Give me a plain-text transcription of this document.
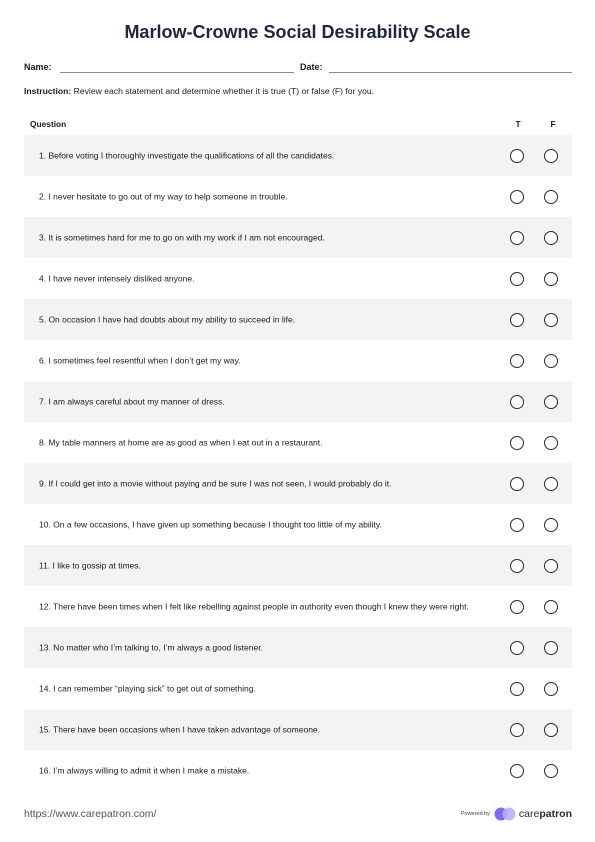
Marlow-Crowne Social Desirability Scale
Name:	Date:
Instruction: Review each statement and determine whether it is true (T) or false (F) for you.
Question	T	F
1. Before voting I thoroughly investigate the qualifications of all the candidates.
2. I never hesitate to go out of my way to help someone in trouble.
3. It is sometimes hard for me to go on with my work if I am not encouraged.
4. I have never intensely disliked anyone.
5. On occasion I have had doubts about my ability to succeed in life.
6. I sometimes feel resentful when I don’t get my way.
7. I am always careful about my manner of dress.
8. My table manners at home are as good as when I eat out in a restaurant.
9. If I could get into a movie without paying and be sure I was not seen, I would probably do it.
10. On a few occasions, I have given up something because I thought too little of my ability.
11. I like to gossip at times.
12. There have been times when I felt like rebelling against people in authority even though I knew they were right.
13. No matter who I’m talking to, I’m always a good listener.
14. I can remember “playing sick” to get out of something.
15. There have been occasions when I have taken advantage of someone.
16. I’m always willing to admit it when I make a mistake.
https://www.carepatron.com/	Powered by	carepatron
